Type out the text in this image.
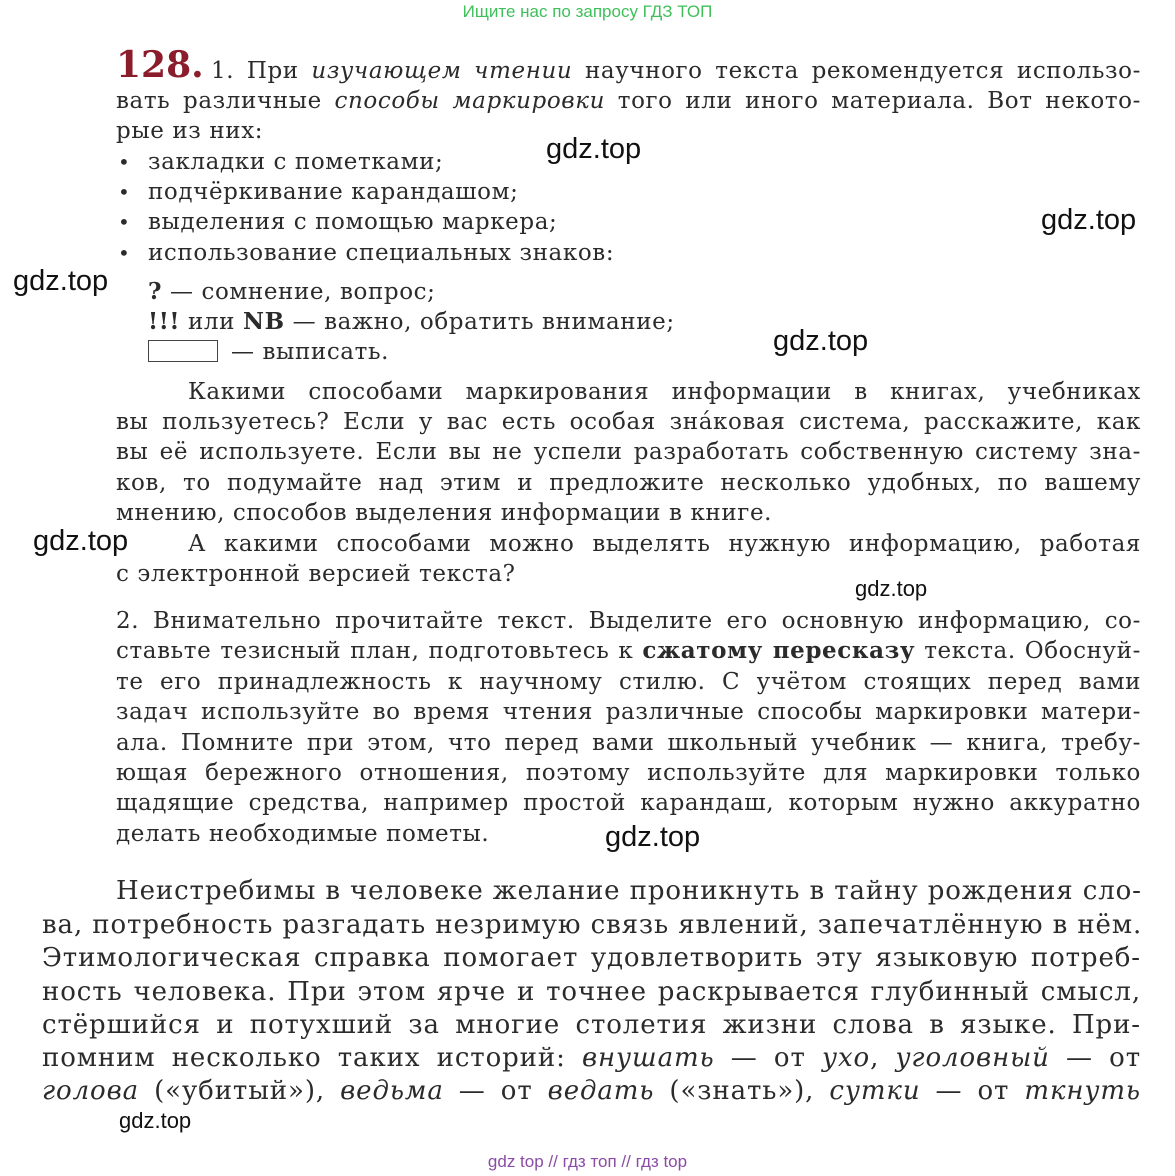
Ищите нас по запросу ГДЗ ТОП
gdz top // гдз топ // гдз top
128. 1. При изучающем чтении научного текста рекомендуется использо-
вать различные способы маркировки того или иного материала. Вот некото-
рые из них:
• закладки с пометками;
• подчёркивание карандашом;
• выделения с помощью маркера;
• использование специальных знаков:
? — сомнение, вопрос;
!!! или NB — важно, обратить внимание;
— выписать.
Какими способами маркирования информации в книгах, учебниках
вы пользуетесь? Если у вас есть особая зна́ковая система, расскажите, как
вы её используете. Если вы не успели разработать собственную систему зна-
ков, то подумайте над этим и предложите несколько удобных, по вашему
мнению, способов выделения информации в книге.
А какими способами можно выделять нужную информацию, работая
с электронной версией текста?
2. Внимательно прочитайте текст. Выделите его основную информацию, со-
ставьте тезисный план, подготовьтесь к сжатому пересказу текста. Обоснуй-
те его принадлежность к научному стилю. С учётом стоящих перед вами
задач используйте во время чтения различные способы маркировки матери-
ала. Помните при этом, что перед вами школьный учебник — книга, требу-
ющая бережного отношения, поэтому используйте для маркировки только
щадящие средства, например простой карандаш, которым нужно аккуратно
делать необходимые пометы.
Неистребимы в человеке желание проникнуть в тайну рождения сло-
ва, потребность разгадать незримую связь явлений, запечатлённую в нём.
Этимологическая справка помогает удовлетворить эту языковую потреб-
ность человека. При этом ярче и точнее раскрывается глубинный смысл,
стёршийся и потухший за многие столетия жизни слова в языке. При-
помним несколько таких историй: внушать — от ухо, уголовный — от
голова («убитый»), ведьма — от ведать («знать»), сутки — от ткнуть
gdz.top
gdz.top
gdz.top
gdz.top
gdz.top
gdz.top
gdz.top
gdz.top
